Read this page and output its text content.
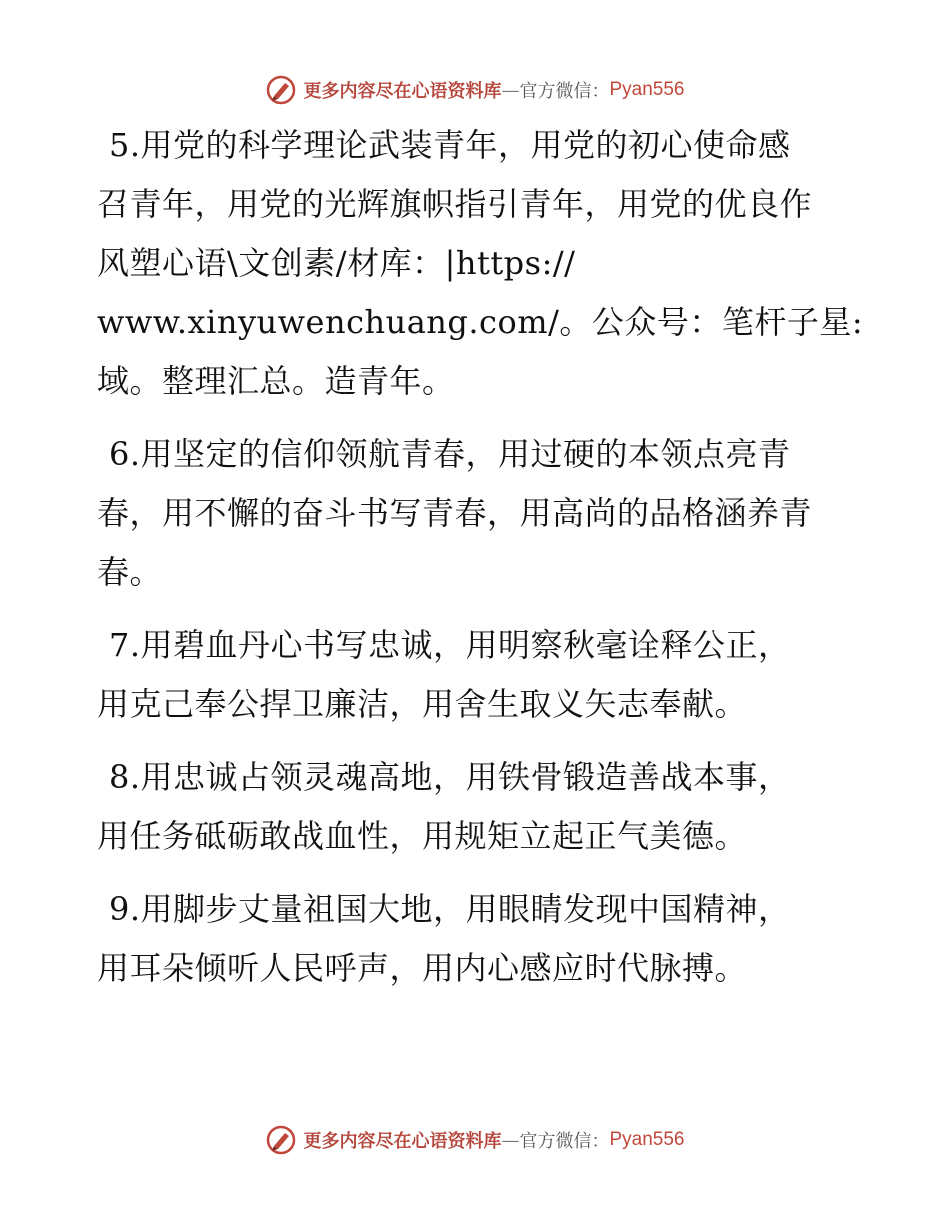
更多内容尽在心语资料库 — 官方微信： Pyan556

5.用党的科学理论武装青年，用党的初心使命感
召青年，用党的光辉旗帜指引青年，用党的优良作
风塑心语\文创素/材库：|https://
www.xinyuwenchuang.com/。公众号：笔杆子星:
域。整理汇总。造青年。

6.用坚定的信仰领航青春，用过硬的本领点亮青
春，用不懈的奋斗书写青春，用高尚的品格涵养青
春。

7.用碧血丹心书写忠诚，用明察秋毫诠释公正，
用克己奉公捍卫廉洁，用舍生取义矢志奉献。

8.用忠诚占领灵魂高地，用铁骨锻造善战本事，
用任务砥砺敢战血性，用规矩立起正气美德。

9.用脚步丈量祖国大地，用眼睛发现中国精神，
用耳朵倾听人民呼声，用内心感应时代脉搏。

更多内容尽在心语资料库 — 官方微信： Pyan556
